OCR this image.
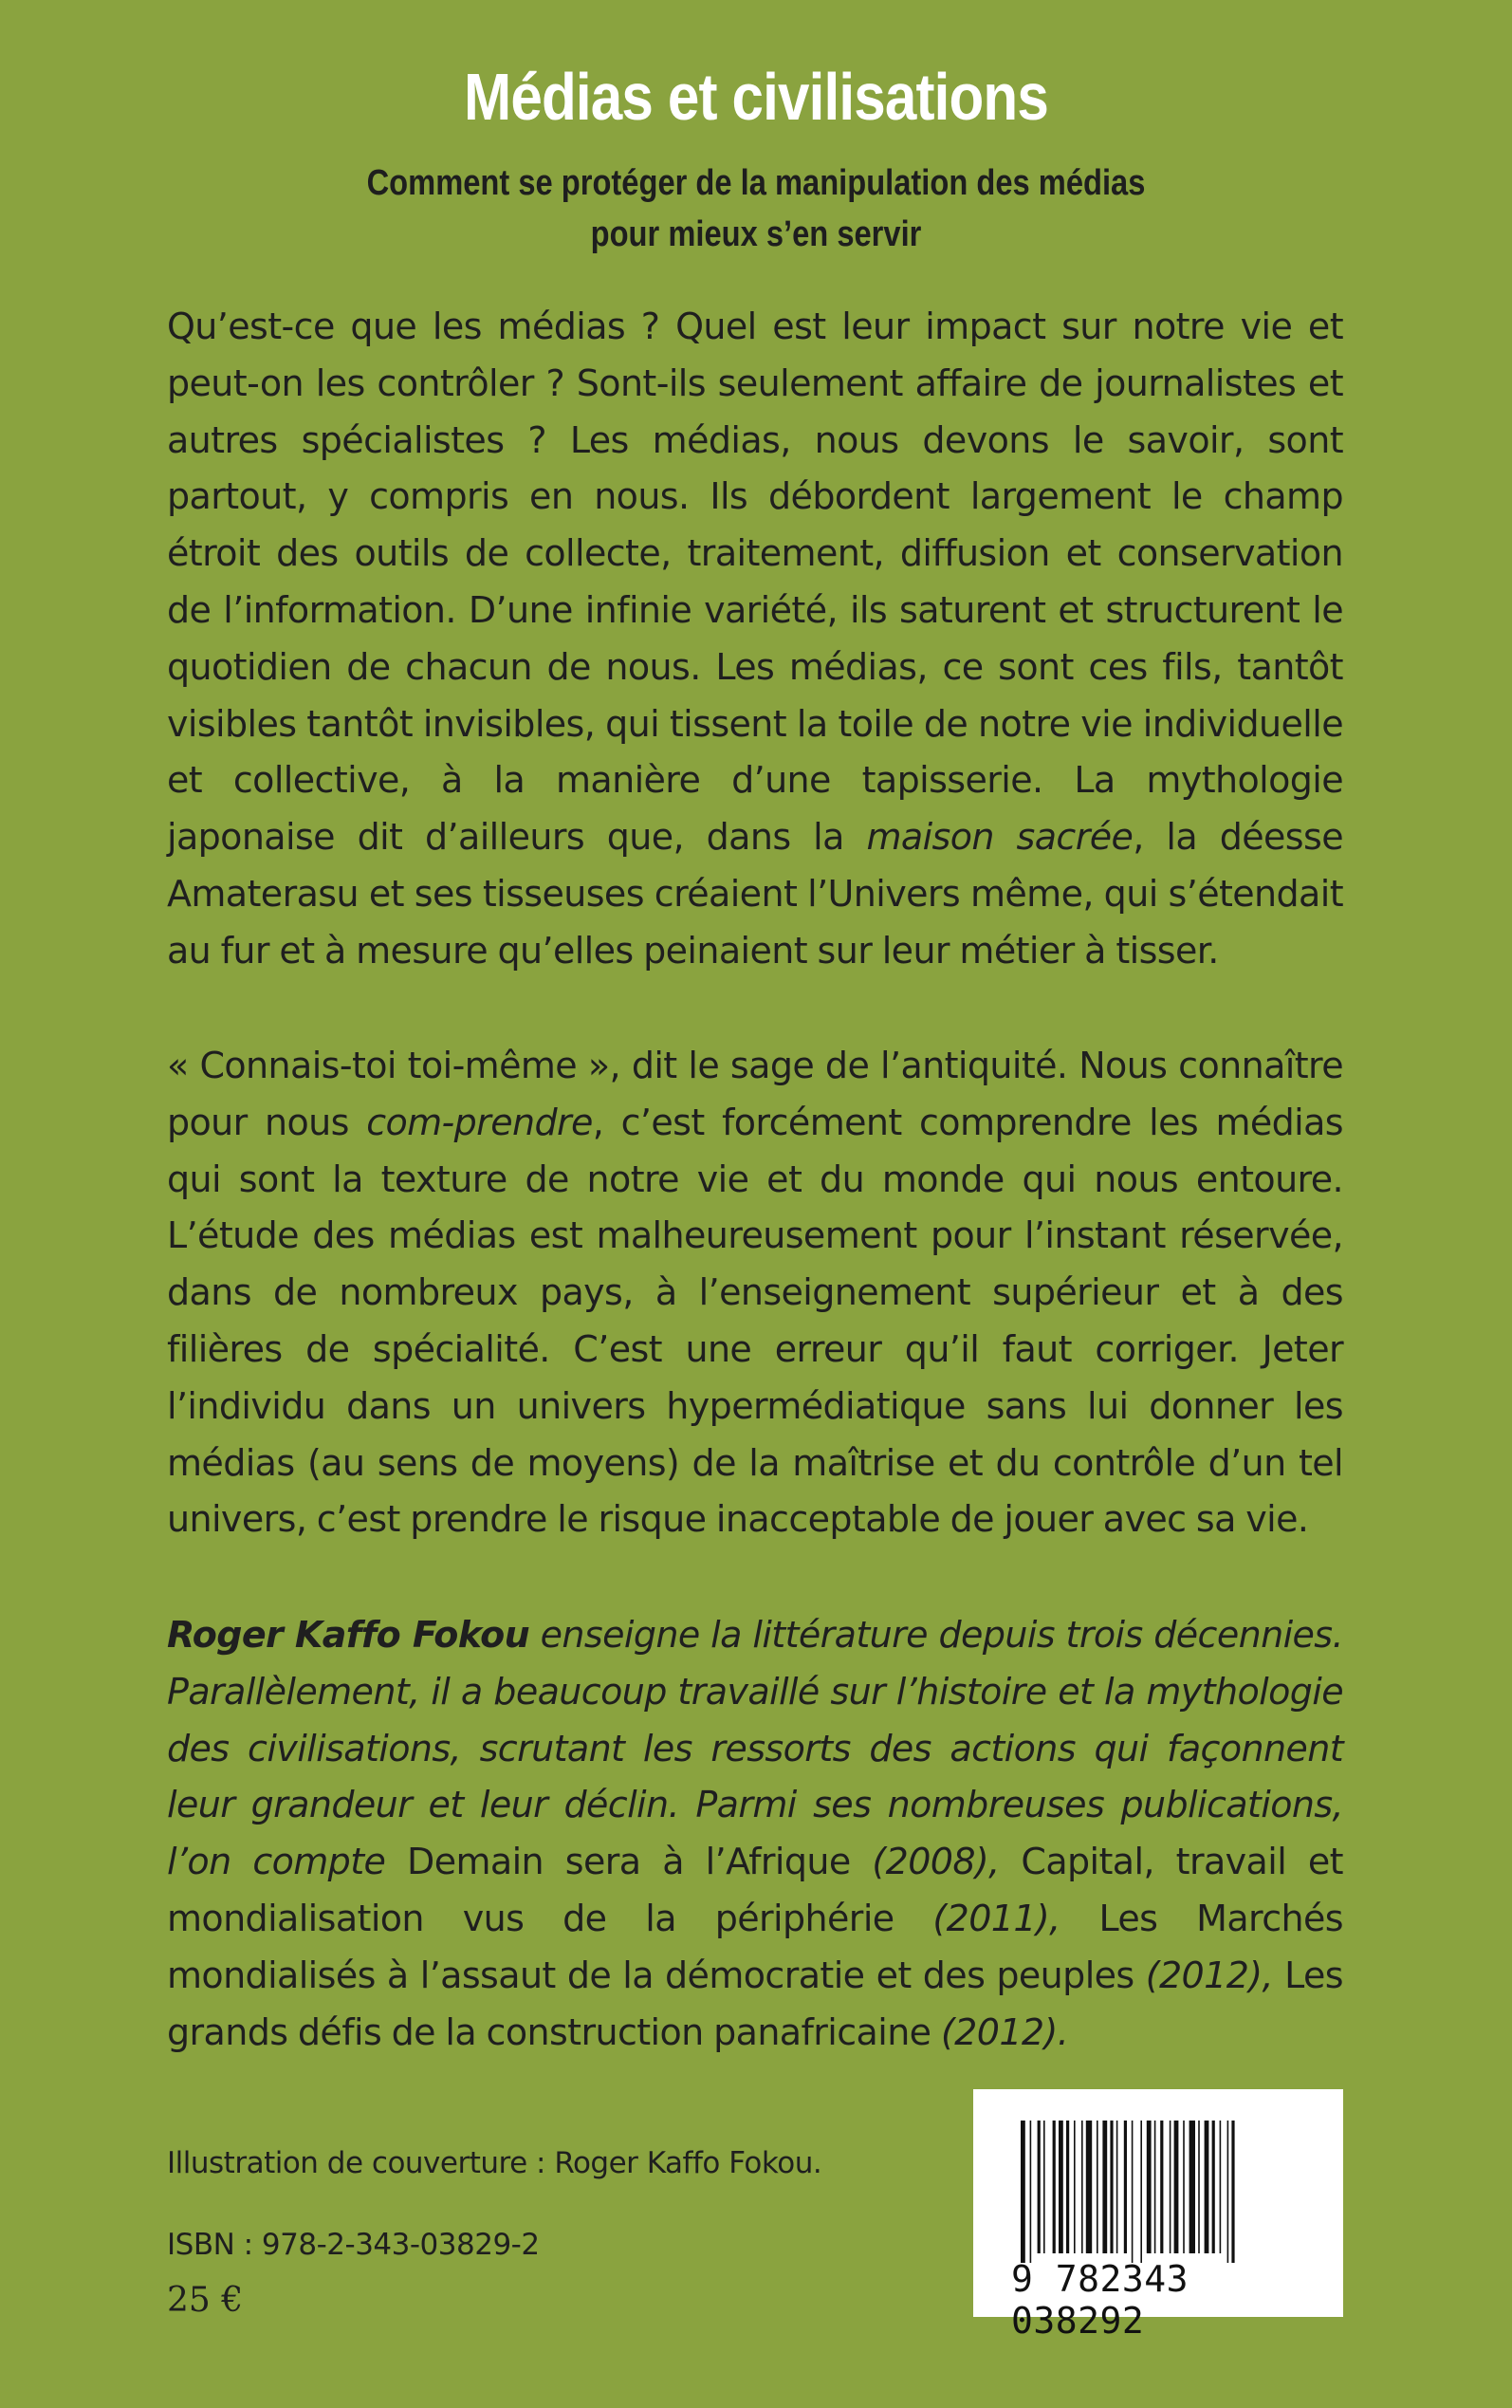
Médias et civilisations
Comment se protéger de la manipulation des médias
pour mieux s’en servir

Qu’est-ce que les médias ? Quel est leur impact sur notre vie et peut-on les contrôler ? Sont-ils seulement affaire de journalistes et autres spécialistes ? Les médias, nous devons le savoir, sont partout, y compris en nous. Ils débordent largement le champ étroit des outils de collecte, traitement, diffusion et conservation de l’information. D’une infinie variété, ils saturent et structurent le quotidien de chacun de nous. Les médias, ce sont ces fils, tantôt visibles tantôt invisibles, qui tissent la toile de notre vie individuelle et collective, à la manière d’une tapisserie. La mythologie japonaise dit d’ailleurs que, dans la maison sacrée, la déesse Amaterasu et ses tisseuses créaient l’Univers même, qui s’étendait au fur et à mesure qu’elles peinaient sur leur métier à tisser.

« Connais-toi toi-même », dit le sage de l’antiquité. Nous connaître pour nous com-prendre, c’est forcément comprendre les médias qui sont la texture de notre vie et du monde qui nous entoure. L’étude des médias est malheureusement pour l’instant réservée, dans de nombreux pays, à l’enseignement supérieur et à des filières de spécialité. C’est une erreur qu’il faut corriger. Jeter l’individu dans un univers hypermédiatique sans lui donner les médias (au sens de moyens) de la maîtrise et du contrôle d’un tel univers, c’est prendre le risque inacceptable de jouer avec sa vie.

Roger Kaffo Fokou enseigne la littérature depuis trois décennies. Parallèlement, il a beaucoup travaillé sur l’histoire et la mythologie des civilisations, scrutant les ressorts des actions qui façonnent leur grandeur et leur déclin. Parmi ses nombreuses publications, l’on compte Demain sera à l’Afrique (2008), Capital, travail et mondialisation vus de la périphérie (2011), Les Marchés mondialisés à l’assaut de la démocratie et des peuples (2012), Les grands défis de la construction panafricaine (2012).

Illustration de couverture : Roger Kaffo Fokou.
ISBN : 978-2-343-03829-2
25 €
9 782343 038292
